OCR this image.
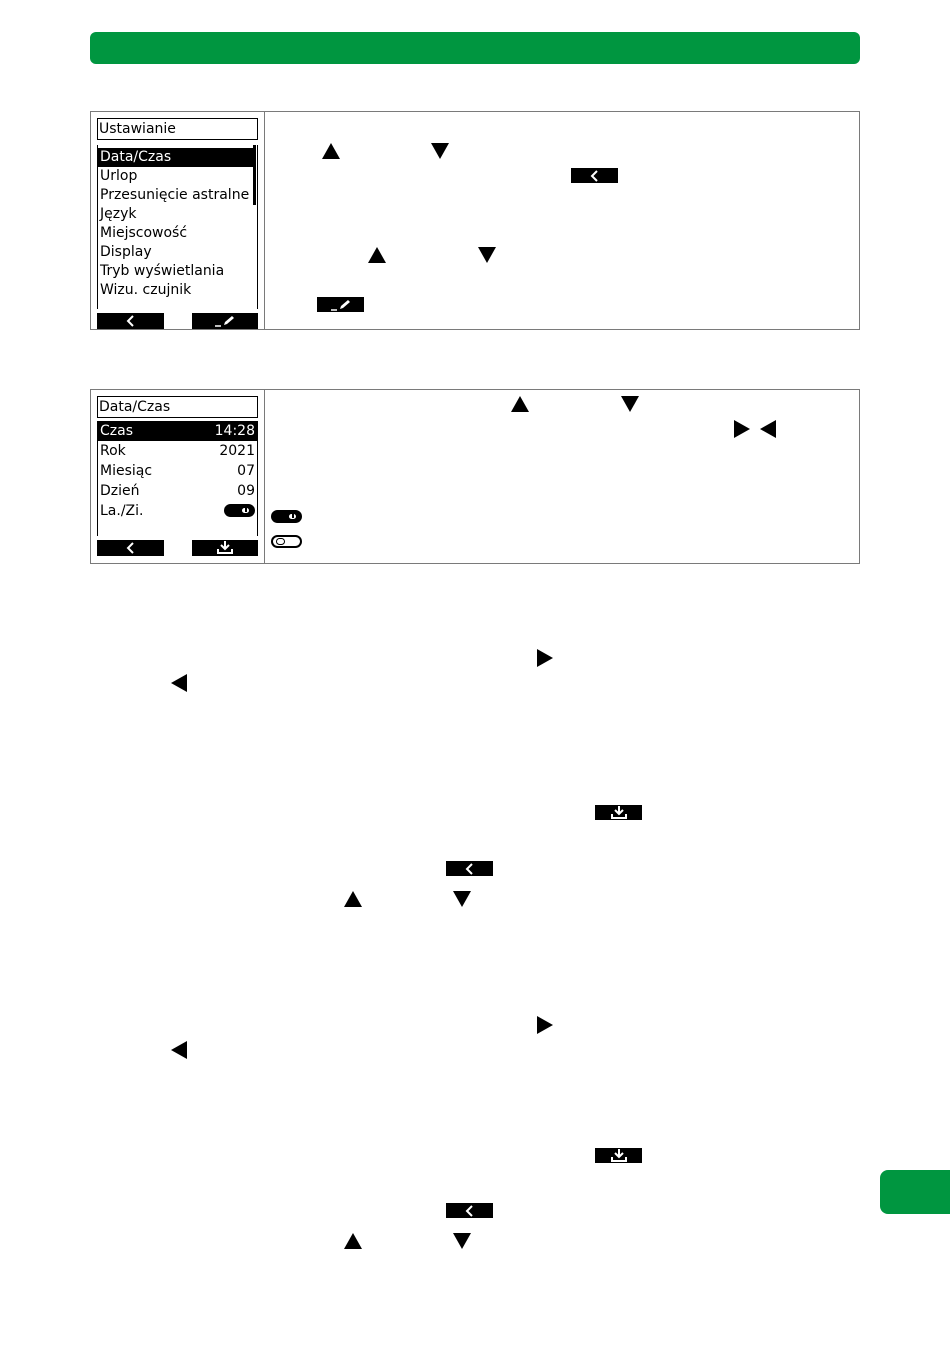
Ustawianie
Data/Czas
Urlop
Przesunięcie astralne
Język
Miejscowość
Display
Tryb wyświetlania
Wizu. czujnik
Data/Czas
Czas	14:28
Rok	2021
Miesiąc	07
Dzień	09
La./Zi.
